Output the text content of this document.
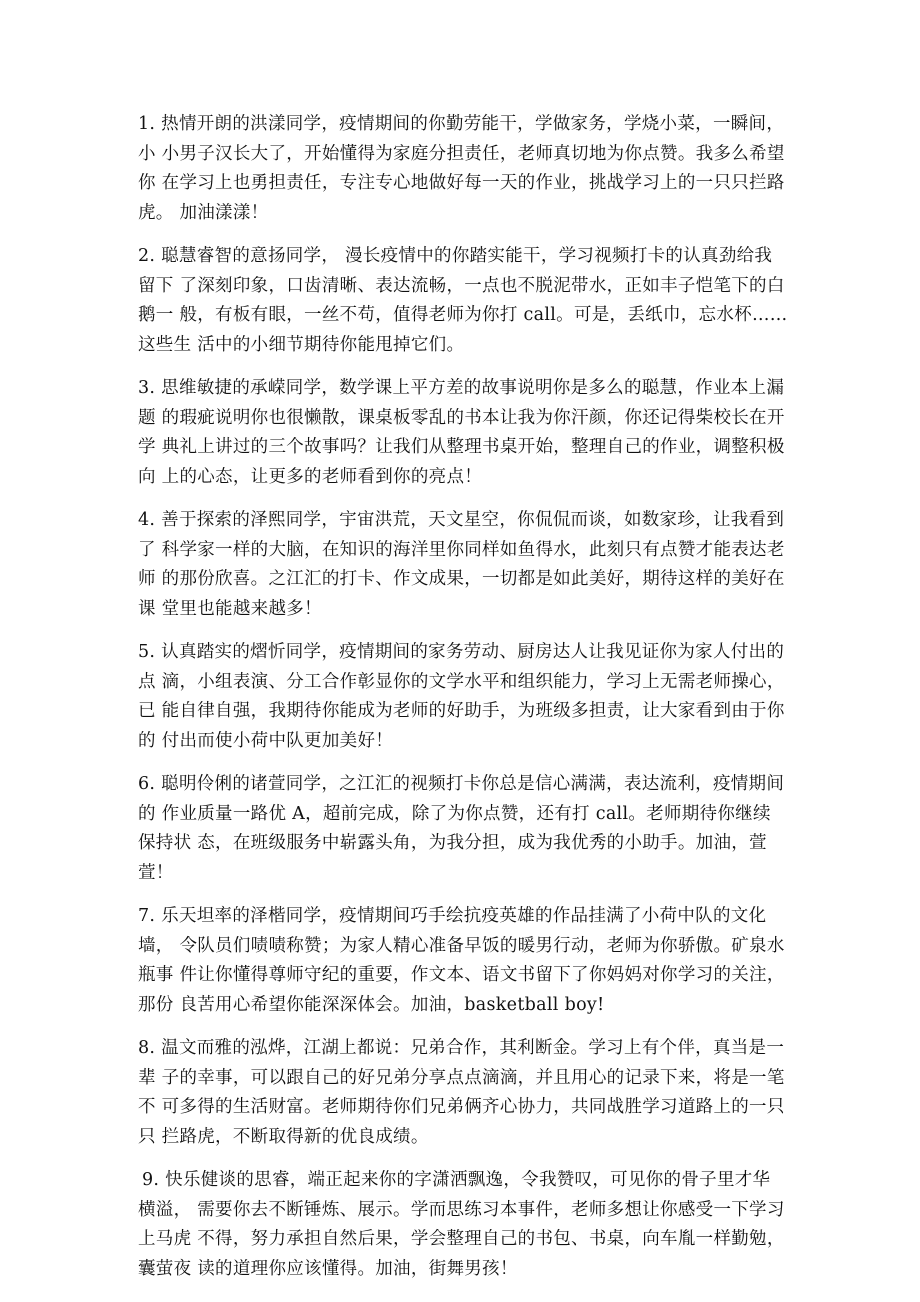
1. 热情开朗的洪漾同学，疫情期间的你勤劳能干，学做家务，学烧小菜，一瞬间，小 小男子汉长大了，开始懂得为家庭分担责任，老师真切地为你点赞。我多么希望你 在学习上也勇担责任，专注专心地做好每一天的作业，挑战学习上的一只只拦路虎。 加油漾漾！

2. 聪慧睿智的意扬同学， 漫长疫情中的你踏实能干，学习视频打卡的认真劲给我留下 了深刻印象，口齿清晰、表达流畅，一点也不脱泥带水，正如丰子恺笔下的白鹅一 般，有板有眼，一丝不苟，值得老师为你打 call。可是，丢纸巾，忘水杯……这些生 活中的小细节期待你能甩掉它们。

3. 思维敏捷的承嵘同学，数学课上平方差的故事说明你是多么的聪慧，作业本上漏题 的瑕疵说明你也很懒散，课桌板零乱的书本让我为你汗颜，你还记得柴校长在开学 典礼上讲过的三个故事吗？让我们从整理书桌开始，整理自己的作业，调整积极向 上的心态，让更多的老师看到你的亮点！

4. 善于探索的泽熙同学，宇宙洪荒，天文星空，你侃侃而谈，如数家珍，让我看到了 科学家一样的大脑，在知识的海洋里你同样如鱼得水，此刻只有点赞才能表达老师 的那份欣喜。之江汇的打卡、作文成果，一切都是如此美好，期待这样的美好在课 堂里也能越来越多！

5. 认真踏实的熠忻同学，疫情期间的家务劳动、厨房达人让我见证你为家人付出的点 滴，小组表演、分工合作彰显你的文学水平和组织能力，学习上无需老师操心，已 能自律自强，我期待你能成为老师的好助手，为班级多担责，让大家看到由于你的 付出而使小荷中队更加美好！

6. 聪明伶俐的诸萱同学，之江汇的视频打卡你总是信心满满，表达流利，疫情期间的 作业质量一路优 A，超前完成，除了为你点赞，还有打 call。老师期待你继续保持状 态，在班级服务中崭露头角，为我分担，成为我优秀的小助手。加油，萱萱！

7. 乐天坦率的泽楷同学，疫情期间巧手绘抗疫英雄的作品挂满了小荷中队的文化墙， 令队员们啧啧称赞；为家人精心准备早饭的暖男行动，老师为你骄傲。矿泉水瓶事 件让你懂得尊师守纪的重要，作文本、语文书留下了你妈妈对你学习的关注，那份 良苦用心希望你能深深体会。加油，basketball boy!

8. 温文而雅的泓烨，江湖上都说：兄弟合作，其利断金。学习上有个伴，真当是一辈 子的幸事，可以跟自己的好兄弟分享点点滴滴，并且用心的记录下来，将是一笔不 可多得的生活财富。老师期待你们兄弟俩齐心协力，共同战胜学习道路上的一只只 拦路虎，不断取得新的优良成绩。

9. 快乐健谈的思睿，端正起来你的字潇洒飘逸，令我赞叹，可见你的骨子里才华横溢， 需要你去不断锤炼、展示。学而思练习本事件，老师多想让你感受一下学习上马虎 不得，努力承担自然后果，学会整理自己的书包、书桌，向车胤一样勤勉，囊萤夜 读的道理你应该懂得。加油，街舞男孩！
